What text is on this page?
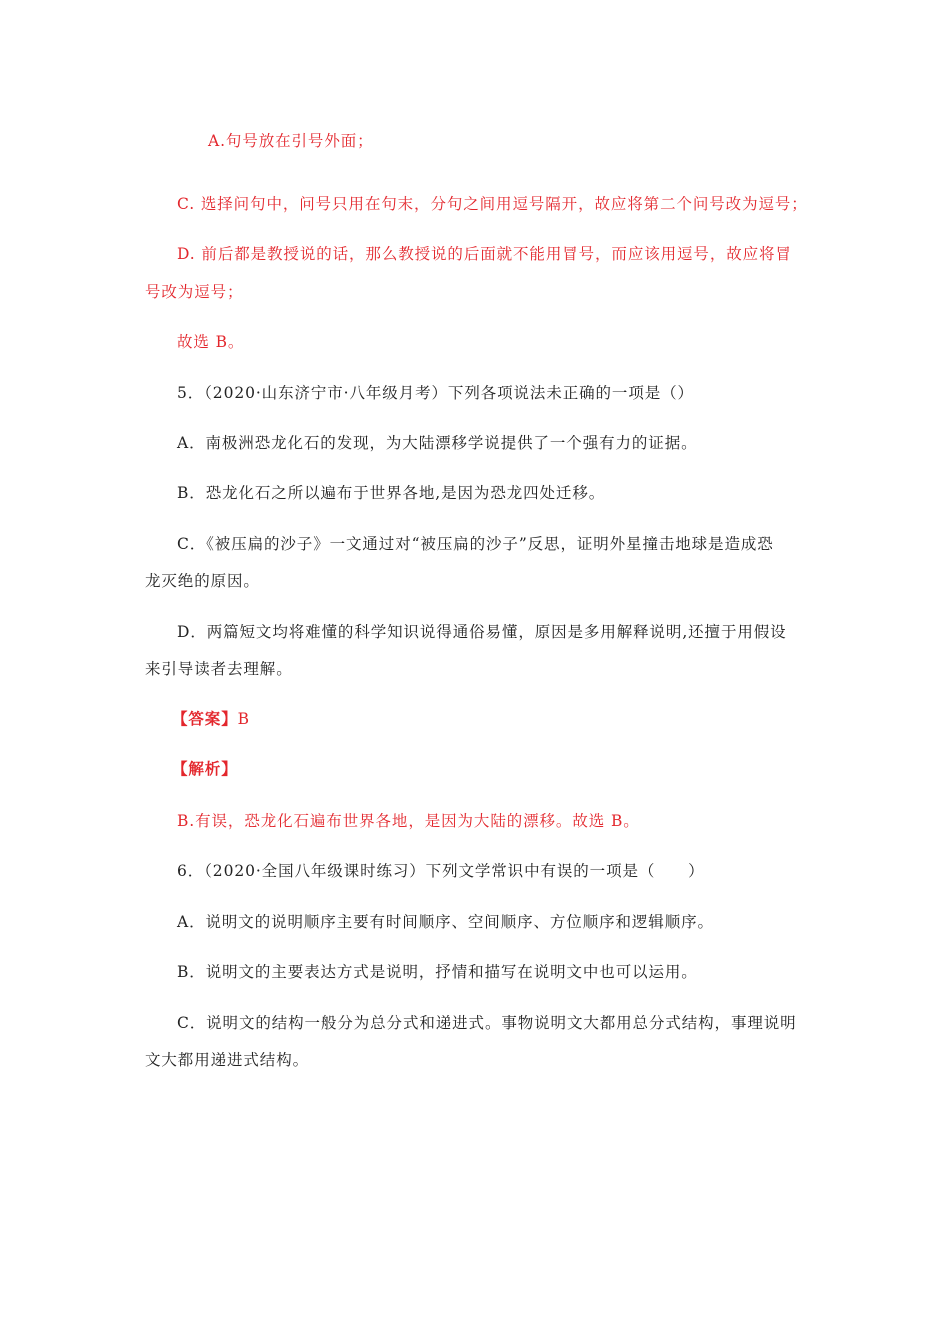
A.句号放在引号外面；
C. 选择问句中，问号只用在句末，分句之间用逗号隔开，故应将第二个问号改为逗号；
D. 前后都是教授说的话，那么教授说的后面就不能用冒号，而应该用逗号，故应将冒
号改为逗号；
故选 B。
5．（2020·山东济宁市·八年级月考）下列各项说法未正确的一项是（）
A．南极洲恐龙化石的发现，为大陆漂移学说提供了一个强有力的证据。
B．恐龙化石之所以遍布于世界各地,是因为恐龙四处迁移。
C．《被压扁的沙子》一文通过对“被压扁的沙子”反思，证明外星撞击地球是造成恐
龙灭绝的原因。
D．两篇短文均将难懂的科学知识说得通俗易懂，原因是多用解释说明,还擅于用假设
来引导读者去理解。
【答案】B
【解析】
B.有误，恐龙化石遍布世界各地，是因为大陆的漂移。故选 B。
6．（2020·全国八年级课时练习）下列文学常识中有误的一项是（　　）
A．说明文的说明顺序主要有时间顺序、空间顺序、方位顺序和逻辑顺序。
B．说明文的主要表达方式是说明，抒情和描写在说明文中也可以运用。
C．说明文的结构一般分为总分式和递进式。事物说明文大都用总分式结构，事理说明
文大都用递进式结构。
